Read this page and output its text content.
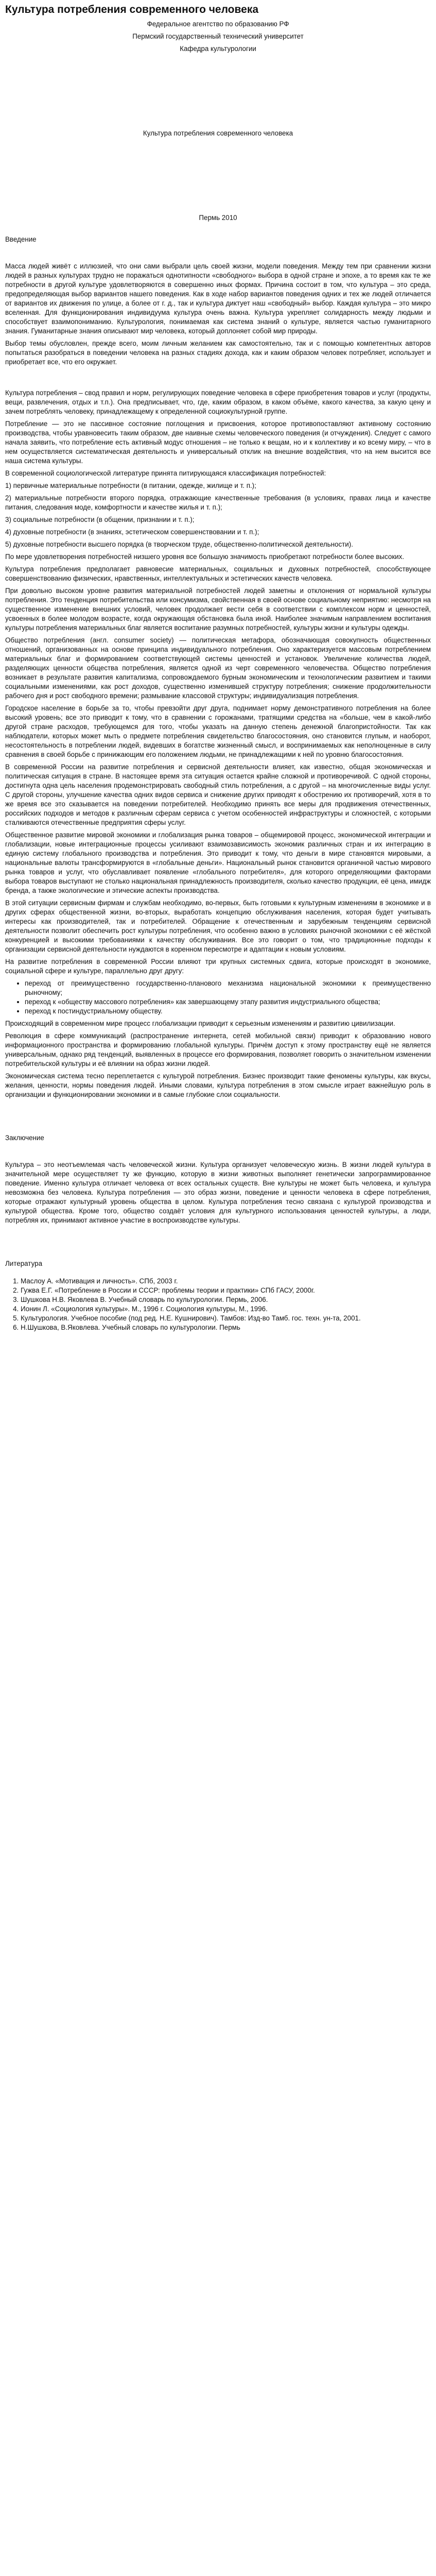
Культура потребления современного человека

Федеральное агентство по образованию РФ

Пермский государственный технический университет

Кафедра культурологии

Культура потребления современного человека

Пермь 2010

Введение

Масса людей живёт с иллюзией, что они сами выбрали цель своей жизни, модели поведения. Между тем при сравнении жизни людей в разных культурах трудно не поражаться однотипности «свободного» выбора в одной стране и эпохе, а то время как те же потребности в другой культуре удовлетворяются в совершенно иных формах. Причина состоит в том, что культура – это среда, предопределяющая выбор вариантов нашего поведения. Как в ходе набор вариантов поведения одних и тех же людей отличается от вариантов их движения по улице, а более от г. д., так и культура диктует наш «свободный» выбор. Каждая культура – это микро вселенная. Для функционирования индивидуума культура очень важна. Культура укрепляет солидарность между людьми и способствует взаимопониманию. Культурология, понимаемая как система знаний о культуре, является частью гуманитарного знания. Гуманитарные знания описывают мир человека, который доплоняет собой мир природы.

Выбор темы обусловлен, прежде всего, моим личным желанием как самостоятельно, так и с помощью компетентных авторов попытаться разобраться в поведении человека на разных стадиях дохода, как и каким образом человек потребляет, использует и приобретает все, что его окружает.

Культура потребления – свод правил и норм, регулирующих поведение человека в сфере приобретения товаров и услуг (продукты, вещи, развлечения, отдых и т.п.). Она предписывает, что, где, каким образом, в каком объёме, какого качества, за какую цену и зачем потреблять человеку, принадлежащему к определенной социокультурной группе.

Потребление — это не пассивное состояние поглощения и присвоения, которое противопоставляют активному состоянию производства, чтобы уравновесить таким образом, две наивные схемы человеческого поведения (и отчуждения). Следует с самого начала заявить, что потребление есть активный модус отношения – не только к вещам, но и к коллективу и ко всему миру, – что в нем осуществляется систематическая деятельность и универсальный отклик на внешние воздействия, что на нем высится все наша система культуры.

В современной социологической литературе принята питирующаяся классификация потребностей:

1) первичные материальные потребности (в питании, одежде, жилище и т. п.);

2) материальные потребности второго порядка, отражающие качественные требования (в условиях, правах лица и качестве питания, следования моде, комфортности и качестве жилья и т. п.);

3) социальные потребности (в общении, признании и т. п.);

4) духовные потребности (в знаниях, эстетическом совершенствовании и т. п.);

5) духовные потребности высшего порядка (в творческом труде, общественно-политической деятельности).

По мере удовлетворения потребностей низшего уровня все большую значимость приобретают потребности более высоких.

Культура потребления предполагает равновесие материальных, социальных и духовных потребностей, способствующее совершенствованию физических, нравственных, интеллектуальных и эстетических качеств человека.

При довольно высоком уровне развития материальной потребностей людей заметны и отклонения от нормальной культуры потребления. Это тенденция потребительства или консумизма, свойственная в своей основе социальному неприятию: несмотря на существенное изменение внешних условий, человек продолжает вести себя в соответствии с комплексом норм и ценностей, усвоенных в более молодом возрасте, когда окружающая обстановка была иной. Наиболее значимым направлением воспитания культуры потребления материальных благ является воспитание разумных потребностей, культуры жизни и культуры одежды.

Общество потребления (англ. consumer society) — политическая метафора, обозначающая совокупность общественных отношений, организованных на основе принципа индивидуального потребления. Оно характеризуется массовым потреблением материальных благ и формированием соответствующей системы ценностей и установок. Увеличение количества людей, разделяющих ценности общества потребления, является одной из черт современного человечества. Общество потребления возникает в результате развития капитализма, сопровождаемого бурным экономическим и технологическим развитием и такими социальными изменениями, как рост доходов, существенно изменившей структуру потребления; снижение продолжительности рабочего дня и рост свободного времени; размывание классовой структуры; индивидуализация потребления.

Городское население в борьбе за то, чтобы превзойти друг друга, поднимает норму демонстративного потребления на более высокий уровень; все это приводит к тому, что в сравнении с горожанами, тратящими средства на «больше, чем в какой-либо другой стране расходов, требующемся для того, чтобы указать на данную степень денежной благопристойности. Так как наблюдатели, которых может мыть о предмете потребления свидетельство благосостояния, оно становится глупым, и наоборот, несостоятельность в потреблении людей, видевших в богатстве жизненный смысл, и воспринимаемых как неполноценные в силу сравнения в своей борьбе с принижающим его положением людьми, не принадлежащими к ней по уровню благосостояния.

В современной России на развитие потребления и сервисной деятельности влияет, как известно, общая экономическая и политическая ситуация в стране. В настоящее время эта ситуация остается крайне сложной и противоречивой. С одной стороны, достигнута одна цель населения продемонстрировать свободный стиль потребления, а с другой – на многочисленные виды услуг. С другой стороны, улучшение качества одних видов сервиса и снижение других приводят к обострению их противоречий, хотя в то же время все это сказывается на поведении потребителей. Необходимо принять все меры для продвижения отечественных, российских подходов и методов к различным сферам сервиса с учетом особенностей инфраструктуры и сложностей, с которыми сталкиваются отечественные предприятия сферы услуг.

Общественное развитие мировой экономики и глобализация рынка товаров – общемировой процесс, экономической интеграции и глобализации, новые интеграционные процессы усиливают взаимозависимость экономик различных стран и их интеграцию в единую систему глобального производства и потребления. Это приводит к тому, что деньги в мире становятся мировыми, а национальные валюты трансформируются в «глобальные деньги». Национальный рынок становится органичной частью мирового рынка товаров и услуг, что обуславливает появление «глобального потребителя», для которого определяющими факторами выбора товаров выступают не столько национальная принадлежность производителя, сколько качество продукции, её цена, имидж бренда, а также экологические и этические аспекты производства.

В этой ситуации сервисным фирмам и службам необходимо, во-первых, быть готовыми к культурным изменениям в экономике и в других сферах общественной жизни, во-вторых, выработать концепцию обслуживания населения, которая будет учитывать интересы как производителей, так и потребителей. Обращение к отечественным и зарубежным тенденциям сервисной деятельности позволит обеспечить рост культуры потребления, что особенно важно в условиях рыночной экономики с её жёсткой конкуренцией и высокими требованиями к качеству обслуживания. Все это говорит о том, что традиционные подходы к организации сервисной деятельности нуждаются в коренном пересмотре и адаптации к новым условиям.

На развитие потребления в современной России влияют три крупных системных сдвига, которые происходят в экономике, социальной сфере и культуре, параллельно друг другу:

• переход от преимущественно государственно-планового механизма национальной экономики к преимущественно рыночному;
• переход к «обществу массового потребления» как завершающему этапу развития индустриального общества;
• переход к постиндустриальному обществу.

Происходящий в современном мире процесс глобализации приводит к серьезным изменениям и развитию цивилизации.

Революция в сфере коммуникаций (распространение интернета, сетей мобильной связи) приводит к образованию нового информационного пространства и формированию глобальной культуры. Причём доступ к этому пространству ещё не является универсальным, однако ряд тенденций, выявленных в процессе его формирования, позволяет говорить о значительном изменении потребительской культуры и её влиянии на образ жизни людей.

Экономическая система тесно переплетается с культурой потребления. Бизнес производит такие феномены культуры, как вкусы, желания, ценности, нормы поведения людей. Иными словами, культура потребления в этом смысле играет важнейшую роль в организации и функционировании экономики и в самые глубокие слои социальности.

Заключение

Культура – это неотъемлемая часть человеческой жизни. Культура организует человеческую жизнь. В жизни людей культура в значительной мере осуществляет ту же функцию, которую в жизни животных выполняет генетически запрограммированное поведение. Именно культура отличает человека от всех остальных существ. Вне культуры не может быть человека, и культура невозможна без человека. Культура потребления — это образ жизни, поведение и ценности человека в сфере потребления, которые отражают культурный уровень общества в целом. Культура потребления тесно связана с культурой производства и культурой общества. Кроме того, общество создаёт условия для культурного использования ценностей культуры, а люди, потребляя их, принимают активное участие в воспроизводстве культуры.

Литература

1. Маслоу А. «Мотивация и личность». СПб, 2003 г.
2. Гужва Е.Г. «Потребление в России и СССР: проблемы теории и практики» СПб ГАСУ, 2000г.
3. Шушкова Н.В. Яковлева В. Учебный словарь по культурологии. Пермь, 2006.
4. Ионин Л. «Социология культуры». М., 1996 г. Социология культуры, М., 1996.
5. Культурология. Учебное пособие (под ред. Н.Е. Кушнирович). Тамбов: Изд-во Тамб. гос. техн. ун-та, 2001.
6. Н.Шушкова, В.Яковлева. Учебный словарь по культурологии. Пермь
